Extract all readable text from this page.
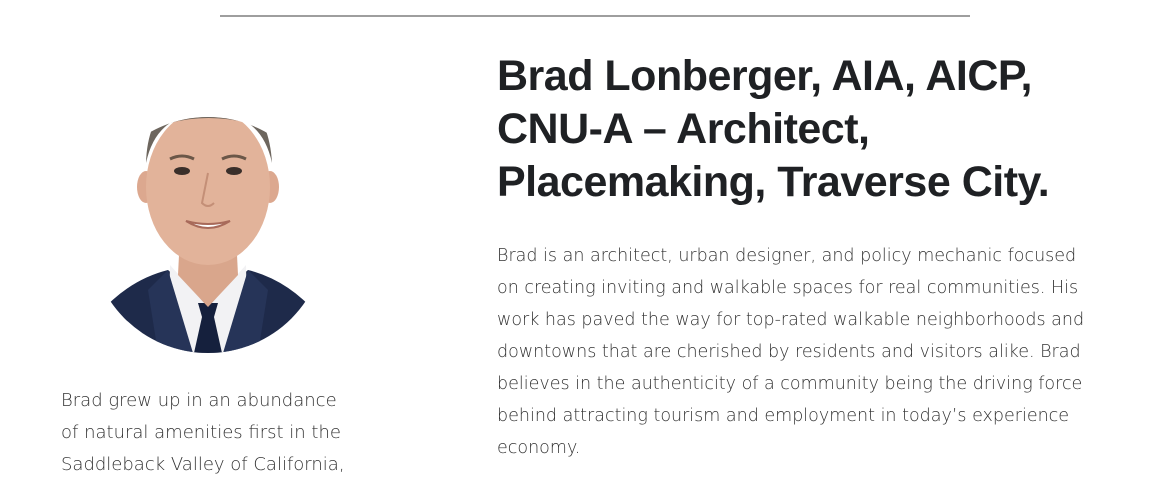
Brad grew up in an abundance
of natural amenities first in the
Saddleback Valley of California,

Brad Lonberger, AIA, AICP,
CNU-A – Architect,
Placemaking, Traverse City.

Brad is an architect, urban designer, and policy mechanic focused
on creating inviting and walkable spaces for real communities. His
work has paved the way for top-rated walkable neighborhoods and
downtowns that are cherished by residents and visitors alike. Brad
believes in the authenticity of a community being the driving force
behind attracting tourism and employment in today’s experience
economy.
